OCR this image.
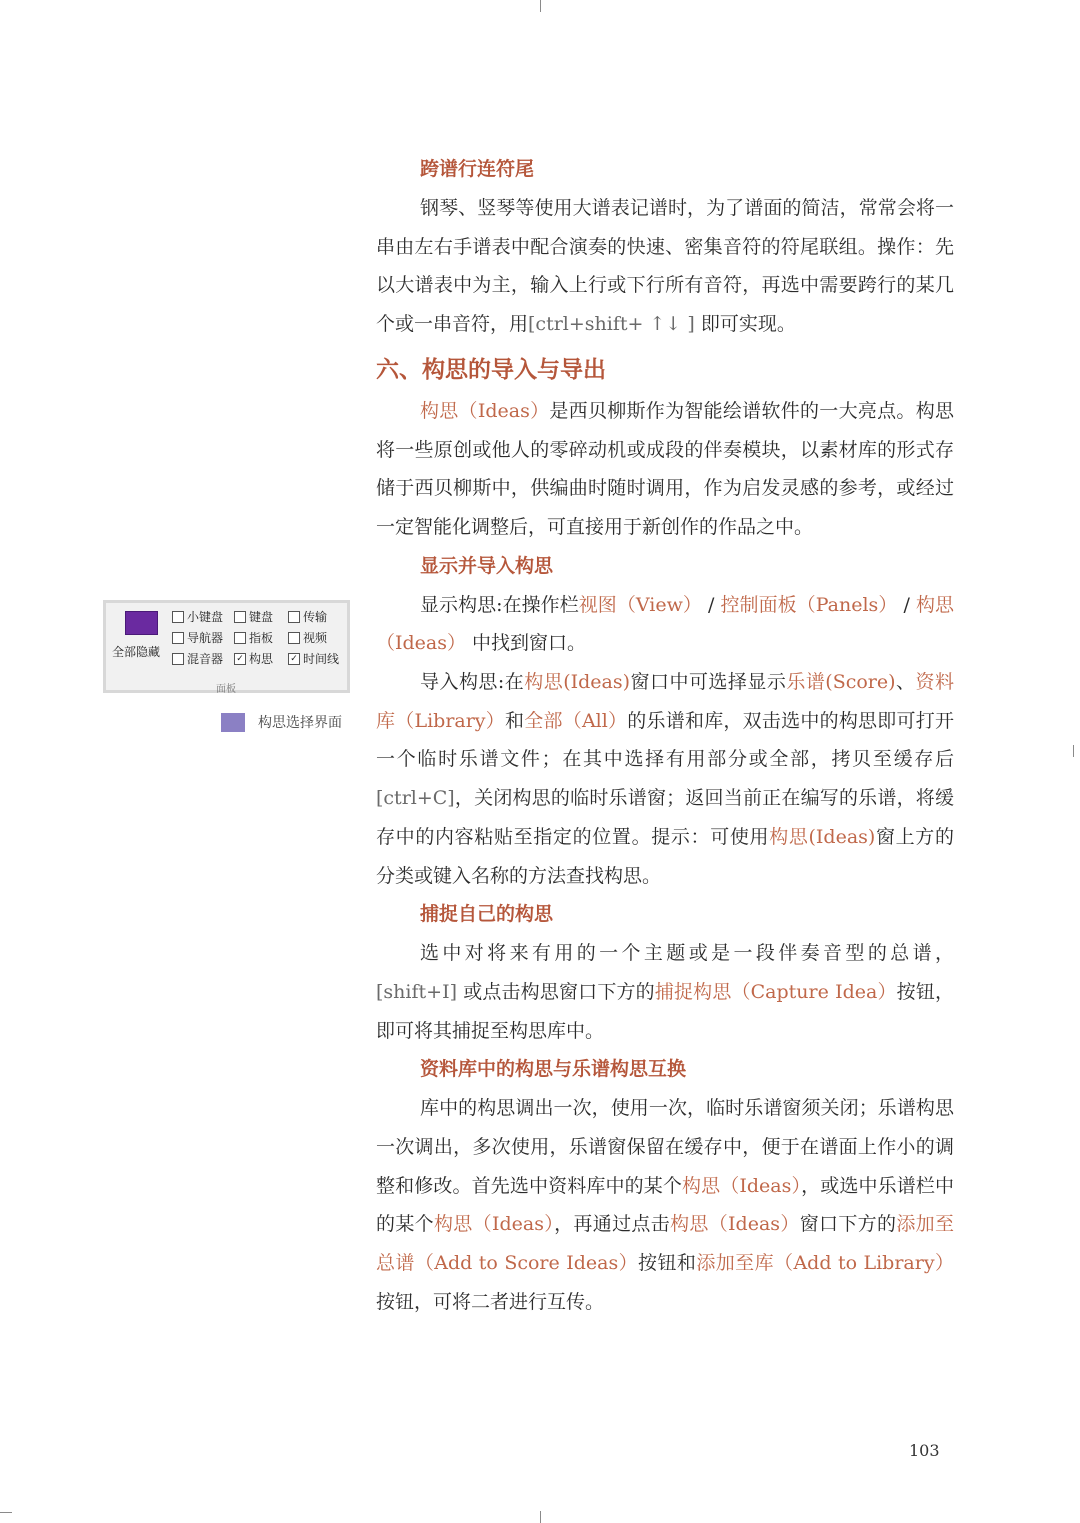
全部隐藏
小键盘 键盘 传输
导航器 指板 视频
混音器 ✓ 构思 ✓ 时间线
面板
构思选择界面
跨谱行连符尾

钢琴、竖琴等使用大谱表记谱时，为了谱面的简洁，常常会将一串由左右手谱表中配合演奏的快速、密集音符的符尾联组。操作：先以大谱表中为主，输入上行或下行所有音符，再选中需要跨行的某几个或一串音符，用[ctrl+shift+ ↑↓ ] 即可实现。

六、构思的导入与导出

构思（Ideas）是西贝柳斯作为智能绘谱软件的一大亮点。构思将一些原创或他人的零碎动机或成段的伴奏模块，以素材库的形式存储于西贝柳斯中，供编曲时随时调用，作为启发灵感的参考，或经过一定智能化调整后，可直接用于新创作的作品之中。

显示并导入构思

显示构思:在操作栏视图（View） / 控制面板（Panels） / 构思（Ideas） 中找到窗口。

导入构思:在构思(Ideas)窗口中可选择显示乐谱(Score)、资料库（Library）和全部（All）的乐谱和库，双击选中的构思即可打开一个临时乐谱文件；在其中选择有用部分或全部，拷贝至缓存后 [ctrl+C]，关闭构思的临时乐谱窗；返回当前正在编写的乐谱，将缓存中的内容粘贴至指定的位置。提示：可使用构思(Ideas)窗上方的分类或键入名称的方法查找构思。

捕捉自己的构思

选中对将来有用的一个主题或是一段伴奏音型的总谱，[shift+I] 或点击构思窗口下方的捕捉构思（Capture Idea）按钮，即可将其捕捉至构思库中。

资料库中的构思与乐谱构思互换

库中的构思调出一次，使用一次，临时乐谱窗须关闭；乐谱构思一次调出，多次使用，乐谱窗保留在缓存中，便于在谱面上作小的调整和修改。首先选中资料库中的某个构思（Ideas），或选中乐谱栏中的某个构思（Ideas），再通过点击构思（Ideas）窗口下方的添加至总谱（Add to Score Ideas）按钮和添加至库（Add to Library）按钮，可将二者进行互传。

103
